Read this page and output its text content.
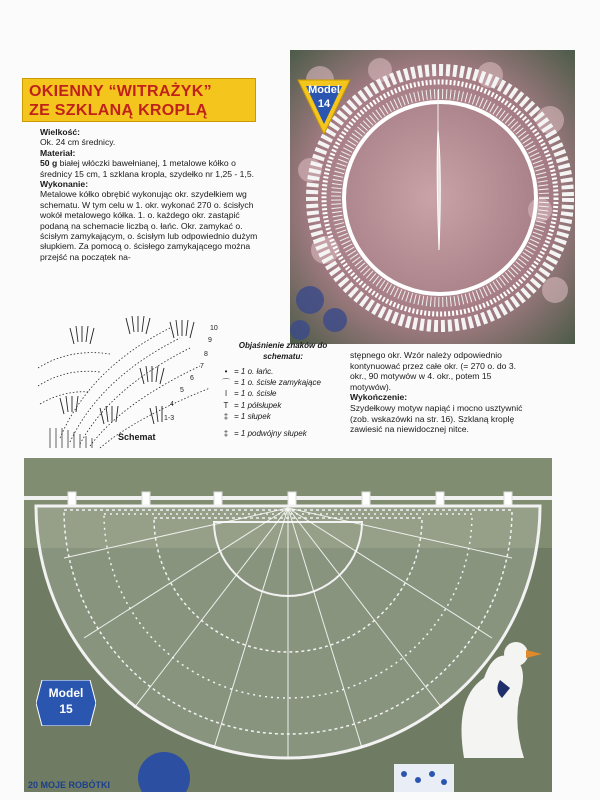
OKIENNY “WITRAŻYK”
ZE SZKLANĄ KROPLĄ

Wielkość:

Ok. 24 cm średnicy.

Materiał:

50 g białej włóczki bawełnianej, 1 metalowe kółko o średnicy 15 cm, 1 szklana kropla, szydełko nr 1,25 - 1,5.

Wykonanie:

Metalowe kółko obrębić wykonując okr. szydełkiem wg schematu. W tym celu w 1. okr. wykonać 270 o. ścisłych wokół metalowego kółka. 1. o. każdego okr. zastąpić podaną na schemacie liczbą o. łańc. Okr. zamykać o. ścisłym zamykającym, o. ścisłym lub odpowiednio dużym słupkiem. Za pomocą o. ścisłego zamykającego można przejść na początek na-

Model
14
10
9
8
7
6
5
4
1-3
Schemat
Objaśnienie znaków do schematu:
• = 1 o. łańc.
⌒ = 1 o. ścisłe zamykające
ǀ = 1 o. ścisłe
T = 1 półsłupek
‡ = 1 słupek
‡ = 1 podwójny słupek

stępnego okr. Wzór należy odpowiednio kontynuować przez całe okr. (= 270 o. do 3. okr., 90 motywów w 4. okr., potem 15 motywów).

Wykończenie:

Szydełkowy motyw napiąć i mocno usztywnić (zob. wskazówki na str. 16). Szklaną kroplę zawiesić na niewidocznej nitce.

Model
15
20 MOJE ROBÓTKI
